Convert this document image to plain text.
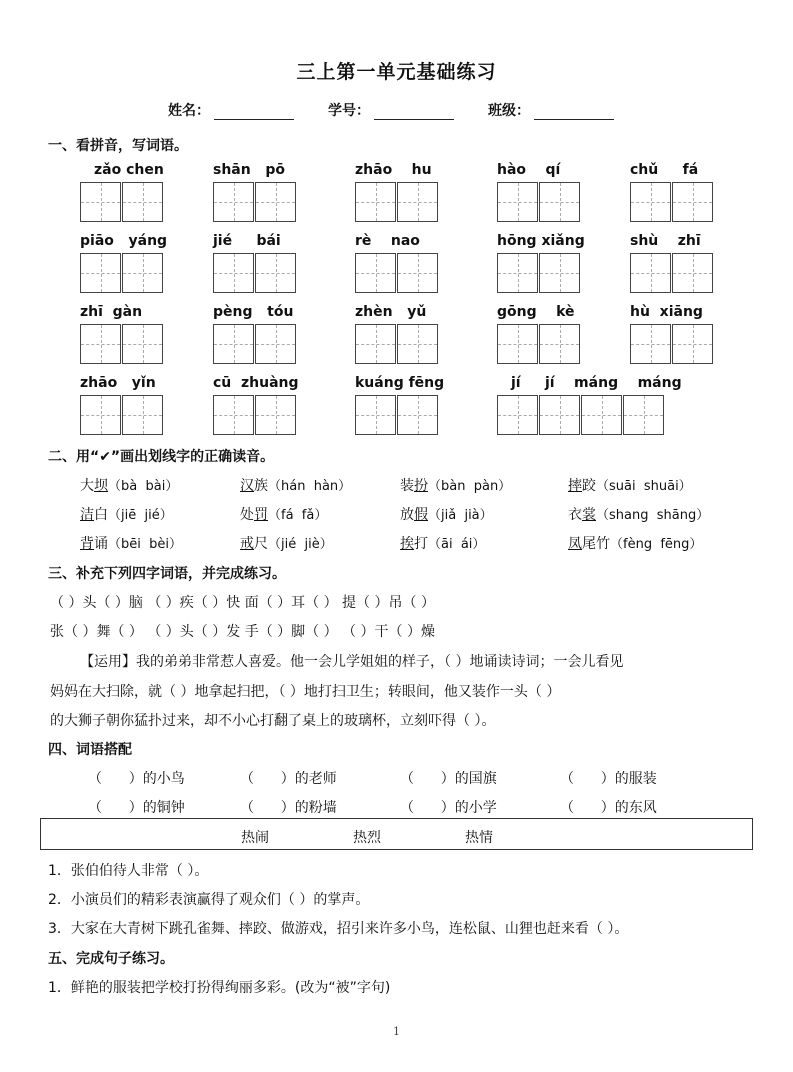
三上第一单元基础练习
姓名：	学号：	班级：
一、看拼音，写词语。
zǎo chen	shān   pō	zhāo    hu	hào    qí	chǔ     fá
piāo   yáng	jié     bái	rè    nao	hōng xiǎng	shù    zhī
zhī  gàn	pèng   tóu	zhèn   yǔ	gōng    kè	hù  xiāng
zhāo   yǐn	cū  zhuàng	kuáng fēng	jí     jí    máng    máng
二、用“✔”画出划线字的正确读音。
大坝（bà  bài）	汉族（hán  hàn）	装扮（bàn  pàn）	摔跤（suāi  shuāi）
洁白（jiē  jié）	处罚（fá  fǎ）	放假（jiǎ  jià）	衣裳（shang  shāng）
背诵（bēi  bèi）	戒尺（jié  jiè）	挨打（āi  ái）	凤尾竹（fèng  fēng）
三、补充下列四字词语，并完成练习。
（ ）头（ ）脑 （ ）疾（ ）快 面（ ）耳（ ） 提（ ）吊（ ）
张（ ）舞（ ） （ ）头（ ）发 手（ ）脚（ ） （ ）干（ ）燥
【运用】我的弟弟非常惹人喜爱。他一会儿学姐姐的样子，（ ）地诵读诗词；一会儿看见
妈妈在大扫除，就（ ）地拿起扫把，（ ）地打扫卫生；转眼间，他又装作一头（ ）
的大狮子朝你猛扑过来，却不小心打翻了桌上的玻璃杯，立刻吓得（ ）。
四、词语搭配
（      ）的小鸟	（      ）的老师	（      ）的国旗	（      ）的服装
（      ）的铜钟	（      ）的粉墙	（      ）的小学	（      ）的东风
热闹	热烈	热情
1．张伯伯待人非常（ ）。
2．小演员们的精彩表演赢得了观众们（ ）的掌声。
3．大家在大青树下跳孔雀舞、摔跤、做游戏，招引来许多小鸟，连松鼠、山狸也赶来看（ ）。
五、完成句子练习。
1．鲜艳的服装把学校打扮得绚丽多彩。(改为“被”字句)
1
